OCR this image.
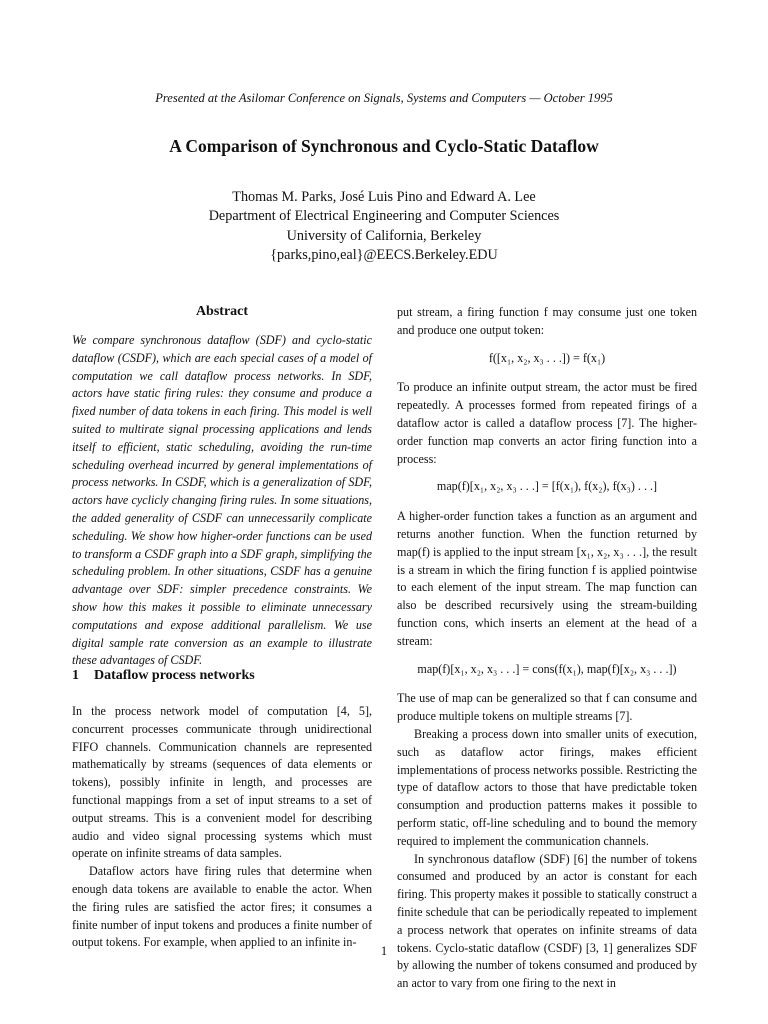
Presented at the Asilomar Conference on Signals, Systems and Computers — October 1995
A Comparison of Synchronous and Cyclo-Static Dataflow
Thomas M. Parks, José Luis Pino and Edward A. Lee
Department of Electrical Engineering and Computer Sciences
University of California, Berkeley
{parks,pino,eal}@EECS.Berkeley.EDU
Abstract
We compare synchronous dataflow (SDF) and cyclo-static dataflow (CSDF), which are each special cases of a model of computation we call dataflow process networks. In SDF, actors have static firing rules: they consume and produce a fixed number of data tokens in each firing. This model is well suited to multirate signal processing applications and lends itself to efficient, static scheduling, avoiding the run-time scheduling overhead incurred by general implementations of process networks. In CSDF, which is a generalization of SDF, actors have cyclicly changing firing rules. In some situations, the added generality of CSDF can unnecessarily complicate scheduling. We show how higher-order functions can be used to transform a CSDF graph into a SDF graph, simplifying the scheduling problem. In other situations, CSDF has a genuine advantage over SDF: simpler precedence constraints. We show how this makes it possible to eliminate unnecessary computations and expose additional parallelism. We use digital sample rate conversion as an example to illustrate these advantages of CSDF.
1 Dataflow process networks

In the process network model of computation [4, 5], concurrent processes communicate through unidirectional FIFO channels. Communication channels are represented mathematically by streams (sequences of data elements or tokens), possibly infinite in length, and processes are functional mappings from a set of input streams to a set of output streams. This is a convenient model for describing audio and video signal processing systems which must operate on infinite streams of data samples.

Dataflow actors have firing rules that determine when enough data tokens are available to enable the actor. When the firing rules are satisfied the actor fires; it consumes a finite number of input tokens and produces a finite number of output tokens. For example, when applied to an infinite in-

put stream, a firing function f may consume just one token and produce one output token:

f([x₁, x₂, x₃ . . .]) = f(x₁)

To produce an infinite output stream, the actor must be fired repeatedly. A processes formed from repeated firings of a dataflow actor is called a dataflow process [7]. The higher-order function map converts an actor firing function into a process:

map(f)[x₁, x₂, x₃ . . .] = [f(x₁), f(x₂), f(x₃) . . .]

A higher-order function takes a function as an argument and returns another function. When the function returned by map(f) is applied to the input stream [x₁, x₂, x₃ . . .], the result is a stream in which the firing function f is applied pointwise to each element of the input stream. The map function can also be described recursively using the stream-building function cons, which inserts an element at the head of a stream:

map(f)[x₁, x₂, x₃ . . .] = cons(f(x₁), map(f)[x₂, x₃ . . .])

The use of map can be generalized so that f can consume and produce multiple tokens on multiple streams [7].

Breaking a process down into smaller units of execution, such as dataflow actor firings, makes efficient implementations of process networks possible. Restricting the type of dataflow actors to those that have predictable token consumption and production patterns makes it possible to perform static, off-line scheduling and to bound the memory required to implement the communication channels.

In synchronous dataflow (SDF) [6] the number of tokens consumed and produced by an actor is constant for each firing. This property makes it possible to statically construct a finite schedule that can be periodically repeated to implement a process network that operates on infinite streams of data tokens. Cyclo-static dataflow (CSDF) [3, 1] generalizes SDF by allowing the number of tokens consumed and produced by an actor to vary from one firing to the next in

1
